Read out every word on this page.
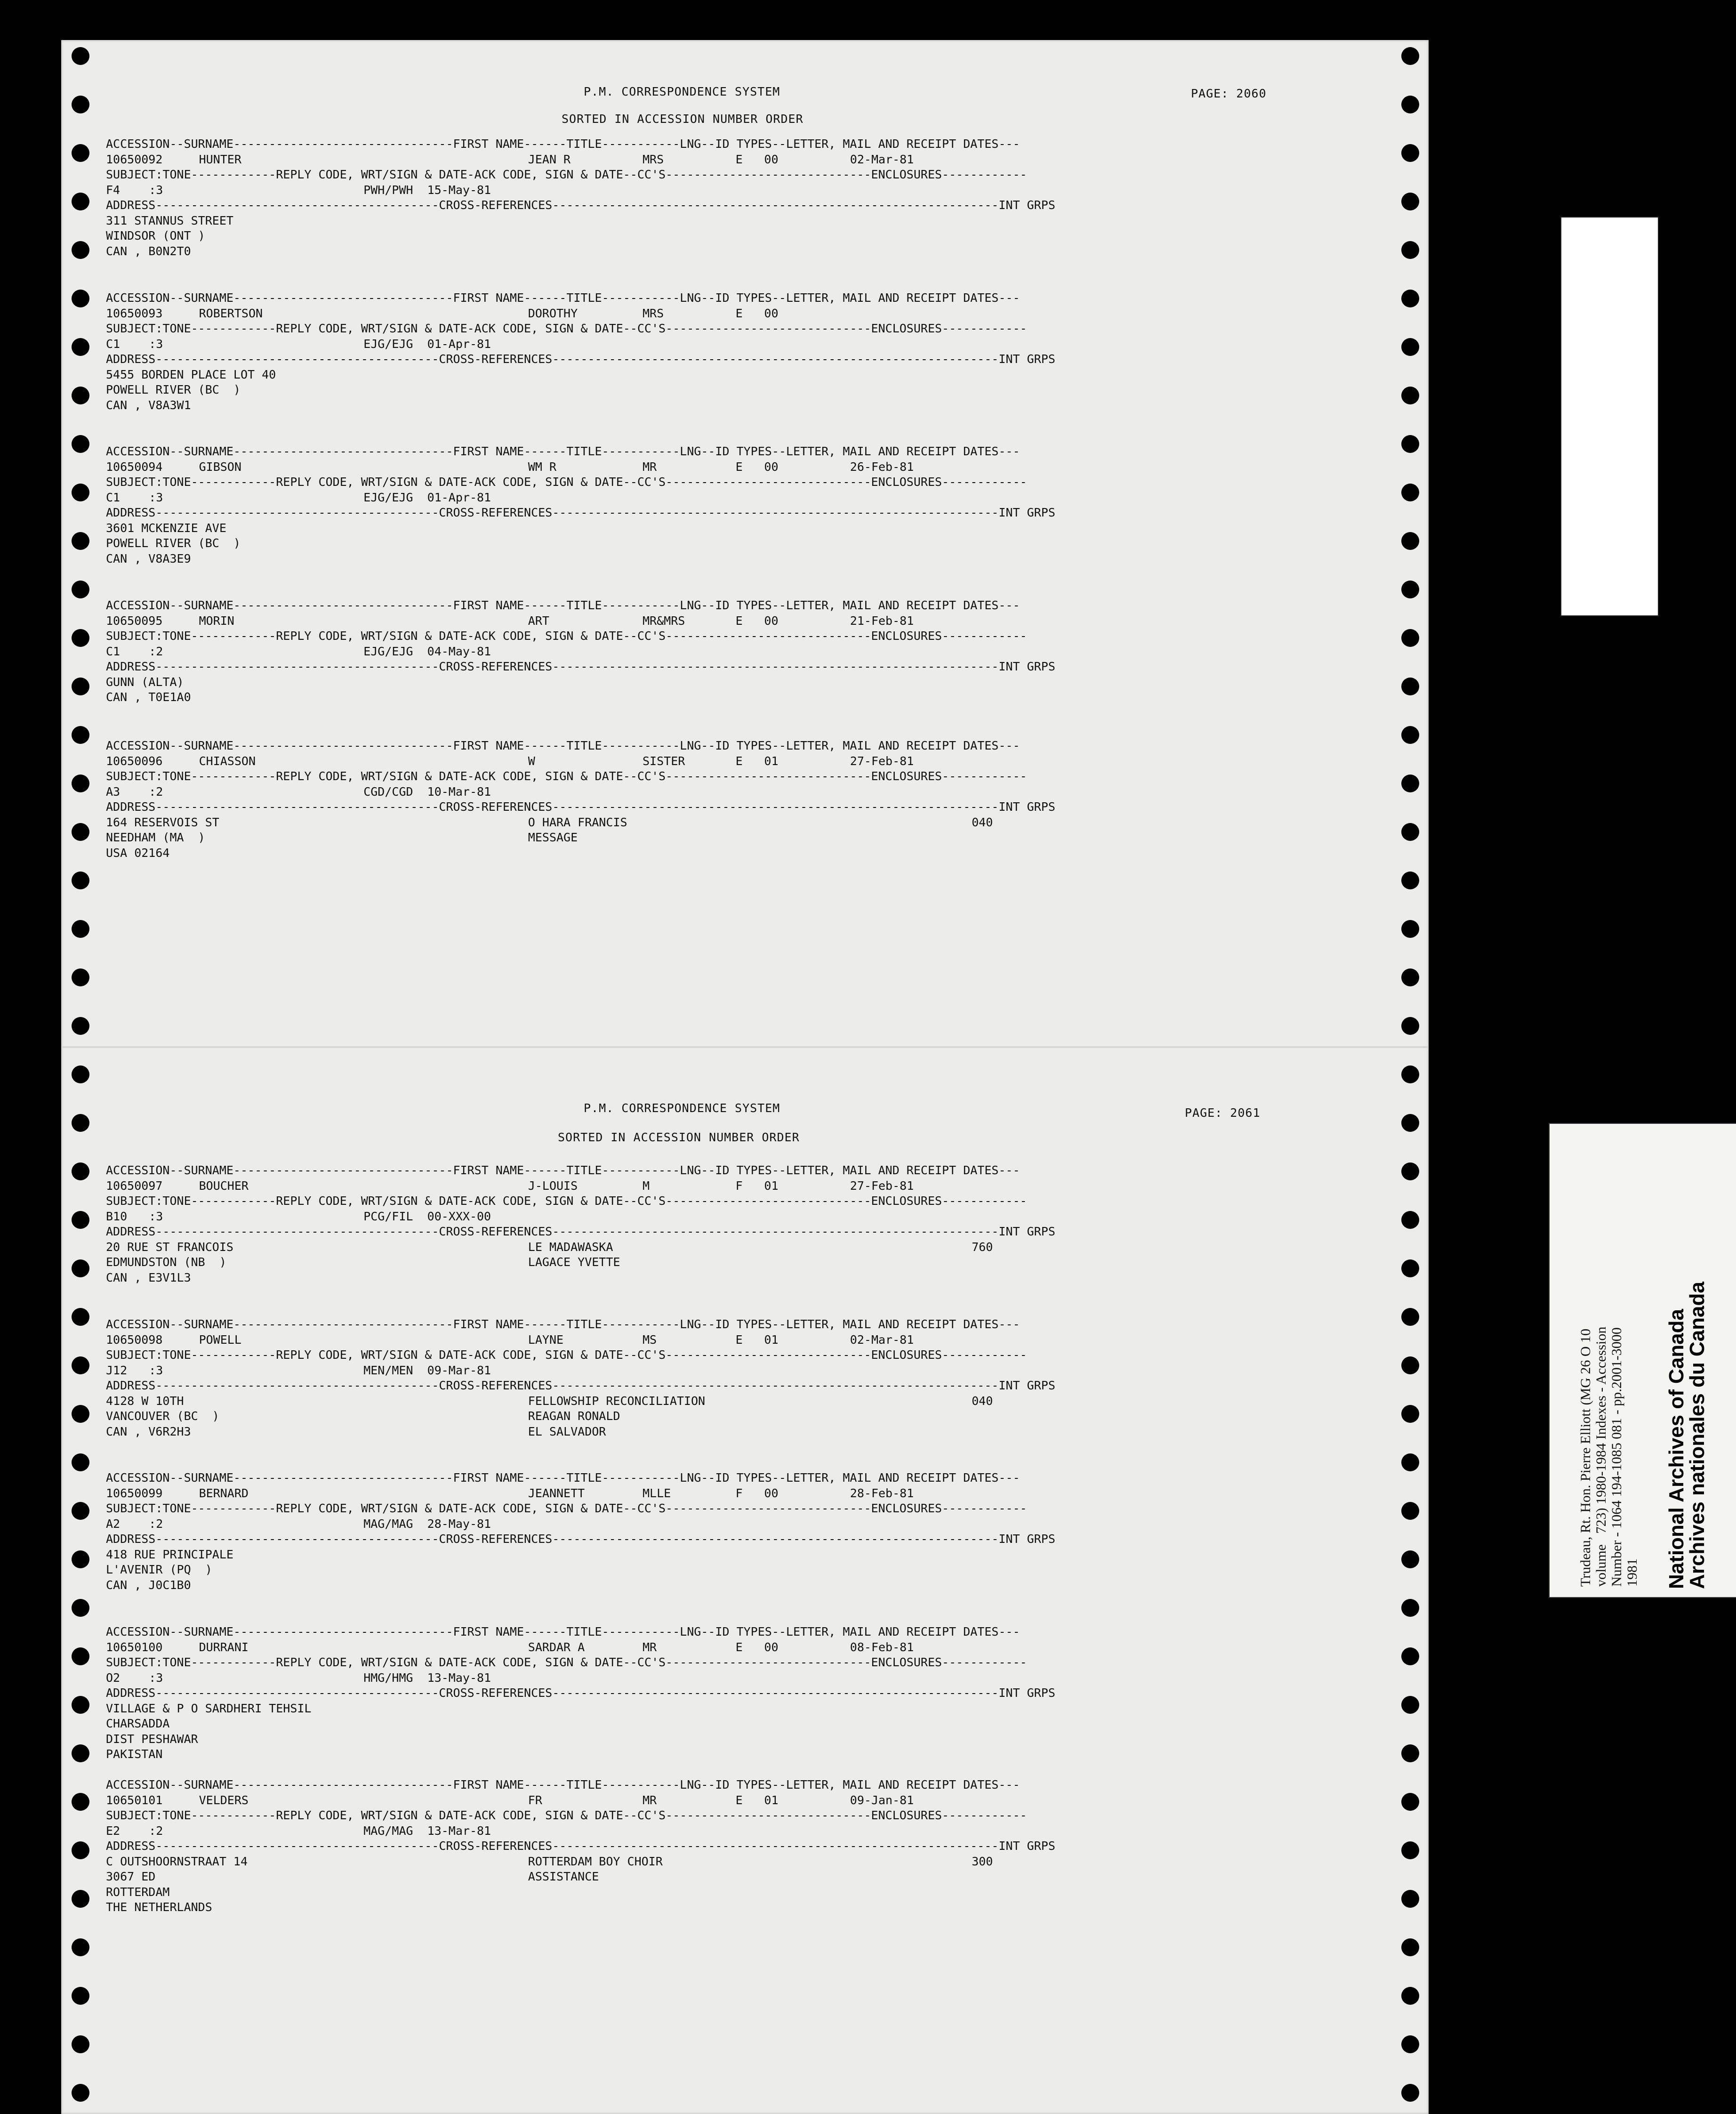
P.M. CORRESPONDENCE SYSTEM	PAGE: 2060
SORTED IN ACCESSION NUMBER ORDER
ACCESSION--SURNAME-------------------------------FIRST NAME------TITLE-----------LNG--ID TYPES--LETTER, MAIL AND RECEIPT DATES---
10650092	HUNTER	JEAN R	MRS	E 00	02-Mar-81
SUBJECT:TONE------------REPLY CODE, WRT/SIGN & DATE-ACK CODE, SIGN & DATE--CC'S-----------------------------ENCLOSURES------------
F4 :3	PWH/PWH  15-May-81
ADDRESS----------------------------------------CROSS-REFERENCES---------------------------------------------------------------INT GRPS
311 STANNUS STREET
WINDSOR (ONT )
CAN , B0N2T0
ACCESSION--SURNAME-------------------------------FIRST NAME------TITLE-----------LNG--ID TYPES--LETTER, MAIL AND RECEIPT DATES---
10650093	ROBERTSON	DOROTHY	MRS	E 00
SUBJECT:TONE------------REPLY CODE, WRT/SIGN & DATE-ACK CODE, SIGN & DATE--CC'S-----------------------------ENCLOSURES------------
C1 :3	EJG/EJG  01-Apr-81
ADDRESS----------------------------------------CROSS-REFERENCES---------------------------------------------------------------INT GRPS
5455 BORDEN PLACE LOT 40
POWELL RIVER (BC  )
CAN , V8A3W1
ACCESSION--SURNAME-------------------------------FIRST NAME------TITLE-----------LNG--ID TYPES--LETTER, MAIL AND RECEIPT DATES---
10650094	GIBSON	WM R	MR	E 00	26-Feb-81
SUBJECT:TONE------------REPLY CODE, WRT/SIGN & DATE-ACK CODE, SIGN & DATE--CC'S-----------------------------ENCLOSURES------------
C1 :3	EJG/EJG  01-Apr-81
ADDRESS----------------------------------------CROSS-REFERENCES---------------------------------------------------------------INT GRPS
3601 MCKENZIE AVE
POWELL RIVER (BC  )
CAN , V8A3E9
ACCESSION--SURNAME-------------------------------FIRST NAME------TITLE-----------LNG--ID TYPES--LETTER, MAIL AND RECEIPT DATES---
10650095	MORIN	ART	MR&MRS	E 00	21-Feb-81
SUBJECT:TONE------------REPLY CODE, WRT/SIGN & DATE-ACK CODE, SIGN & DATE--CC'S-----------------------------ENCLOSURES------------
C1 :2	EJG/EJG  04-May-81
ADDRESS----------------------------------------CROSS-REFERENCES---------------------------------------------------------------INT GRPS
GUNN (ALTA)
CAN , T0E1A0
ACCESSION--SURNAME-------------------------------FIRST NAME------TITLE-----------LNG--ID TYPES--LETTER, MAIL AND RECEIPT DATES---
10650096	CHIASSON	W	SISTER	E 01	27-Feb-81
SUBJECT:TONE------------REPLY CODE, WRT/SIGN & DATE-ACK CODE, SIGN & DATE--CC'S-----------------------------ENCLOSURES------------
A3 :2	CGD/CGD  10-Mar-81
ADDRESS----------------------------------------CROSS-REFERENCES---------------------------------------------------------------INT GRPS
164 RESERVOIS ST	O HARA FRANCIS	040
NEEDHAM (MA  )	MESSAGE
USA 02164
P.M. CORRESPONDENCE SYSTEM	PAGE: 2061
SORTED IN ACCESSION NUMBER ORDER
ACCESSION--SURNAME-------------------------------FIRST NAME------TITLE-----------LNG--ID TYPES--LETTER, MAIL AND RECEIPT DATES---
10650097	BOUCHER	J-LOUIS	M	F 01	27-Feb-81
SUBJECT:TONE------------REPLY CODE, WRT/SIGN & DATE-ACK CODE, SIGN & DATE--CC'S-----------------------------ENCLOSURES------------
B10 :3	PCG/FIL  00-XXX-00
ADDRESS----------------------------------------CROSS-REFERENCES---------------------------------------------------------------INT GRPS
20 RUE ST FRANCOIS	LE MADAWASKA	760
EDMUNDSTON (NB  )	LAGACE YVETTE
CAN , E3V1L3
ACCESSION--SURNAME-------------------------------FIRST NAME------TITLE-----------LNG--ID TYPES--LETTER, MAIL AND RECEIPT DATES---
10650098	POWELL	LAYNE	MS	E 01	02-Mar-81
SUBJECT:TONE------------REPLY CODE, WRT/SIGN & DATE-ACK CODE, SIGN & DATE--CC'S-----------------------------ENCLOSURES------------
J12 :3	MEN/MEN  09-Mar-81
ADDRESS----------------------------------------CROSS-REFERENCES---------------------------------------------------------------INT GRPS
4128 W 10TH	FELLOWSHIP RECONCILIATION	040
VANCOUVER (BC  )	REAGAN RONALD
CAN , V6R2H3	EL SALVADOR
ACCESSION--SURNAME-------------------------------FIRST NAME------TITLE-----------LNG--ID TYPES--LETTER, MAIL AND RECEIPT DATES---
10650099	BERNARD	JEANNETT	MLLE	F 00	28-Feb-81
SUBJECT:TONE------------REPLY CODE, WRT/SIGN & DATE-ACK CODE, SIGN & DATE--CC'S-----------------------------ENCLOSURES------------
A2 :2	MAG/MAG  28-May-81
ADDRESS----------------------------------------CROSS-REFERENCES---------------------------------------------------------------INT GRPS
418 RUE PRINCIPALE
L'AVENIR (PQ  )
CAN , J0C1B0
ACCESSION--SURNAME-------------------------------FIRST NAME------TITLE-----------LNG--ID TYPES--LETTER, MAIL AND RECEIPT DATES---
10650100	DURRANI	SARDAR A	MR	E 00	08-Feb-81
SUBJECT:TONE------------REPLY CODE, WRT/SIGN & DATE-ACK CODE, SIGN & DATE--CC'S-----------------------------ENCLOSURES------------
O2 :3	HMG/HMG  13-May-81
ADDRESS----------------------------------------CROSS-REFERENCES---------------------------------------------------------------INT GRPS
VILLAGE & P O SARDHERI TEHSIL
CHARSADDA
DIST PESHAWAR
PAKISTAN
ACCESSION--SURNAME-------------------------------FIRST NAME------TITLE-----------LNG--ID TYPES--LETTER, MAIL AND RECEIPT DATES---
10650101	VELDERS	FR	MR	E 01	09-Jan-81
SUBJECT:TONE------------REPLY CODE, WRT/SIGN & DATE-ACK CODE, SIGN & DATE--CC'S-----------------------------ENCLOSURES------------
E2 :2	MAG/MAG  13-Mar-81
ADDRESS----------------------------------------CROSS-REFERENCES---------------------------------------------------------------INT GRPS
C OUTSHOORNSTRAAT 14	ROTTERDAM BOY CHOIR	300
3067 ED	ASSISTANCE
ROTTERDAM
THE NETHERLANDS
000032
Trudeau, Rt. Hon. Pierre Elliott (MG 26 O 10 volume   723) 1980-1984 Indexes - Accession Number - 1064 194-1085 081 - pp.2001-3000 1981 National Archives of Canada
Archives nationales du Canada
